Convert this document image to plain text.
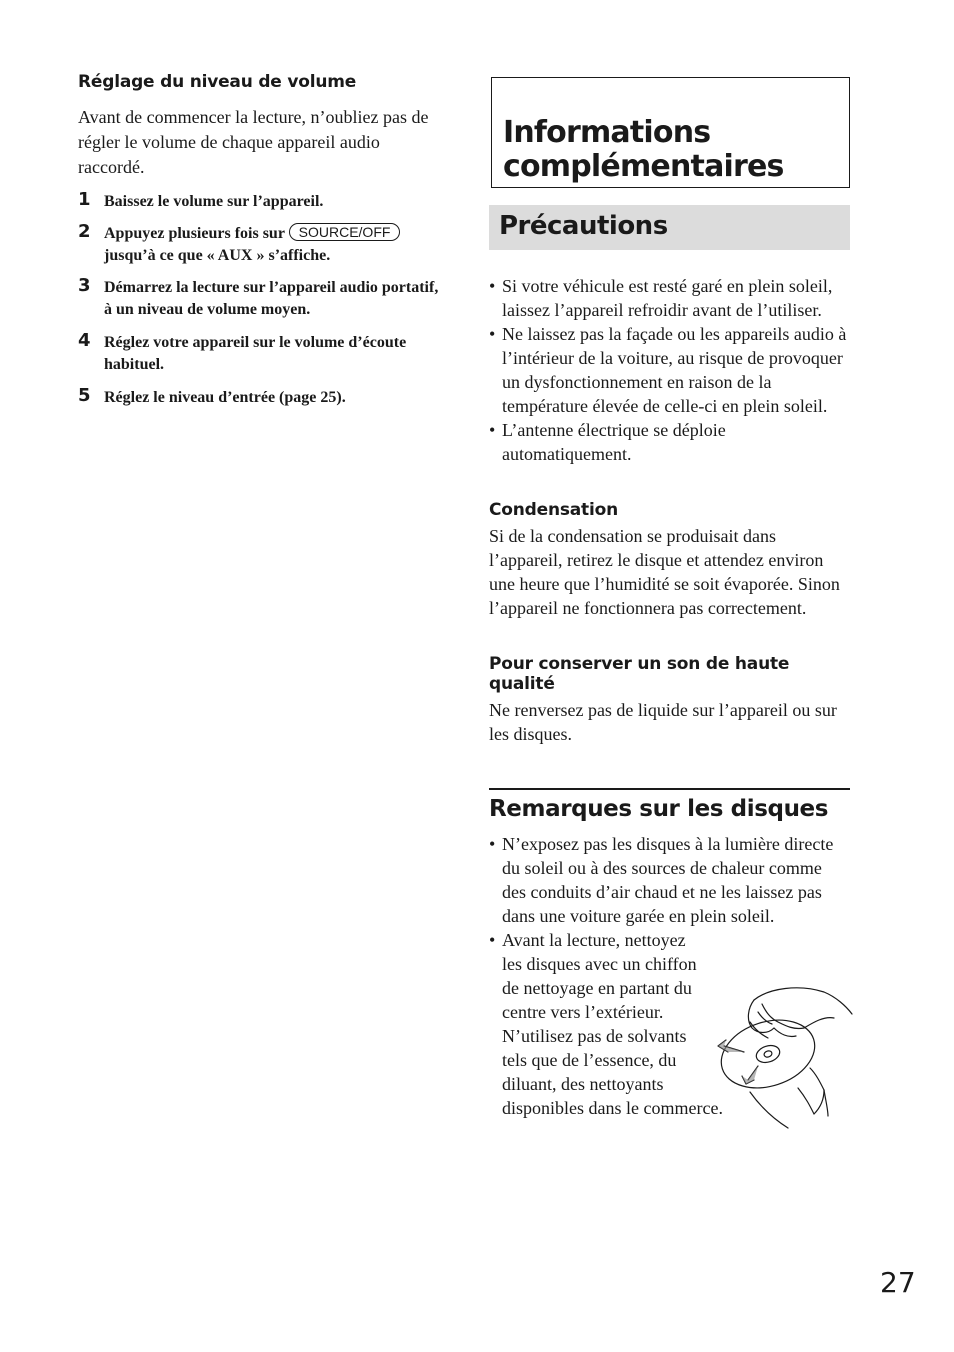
Réglage du niveau de volume

Avant de commencer la lecture, n’oubliez pas de régler le volume de chaque appareil audio raccordé.

1 Baissez le volume sur l’appareil.
2 Appuyez plusieurs fois sur SOURCE/OFF jusqu’à ce que « AUX » s’affiche.
3 Démarrez la lecture sur l’appareil audio portatif, à un niveau de volume moyen.
4 Réglez votre appareil sur le volume d’écoute habituel.
5 Réglez le niveau d’entrée (page 25).
Informations complémentaires
Précautions
• Si votre véhicule est resté garé en plein soleil, laissez l’appareil refroidir avant de l’utiliser.
• Ne laissez pas la façade ou les appareils audio à l’intérieur de la voiture, au risque de provoquer un dysfonctionnement en raison de la température élevée de celle-ci en plein soleil.
• L’antenne électrique se déploie automatiquement.
Condensation

Si de la condensation se produisait dans l’appareil, retirez le disque et attendez environ une heure que l’humidité se soit évaporée. Sinon l’appareil ne fonctionnera pas correctement.

Pour conserver un son de haute qualité

Ne renversez pas de liquide sur l’appareil ou sur les disques.

Remarques sur les disques
• N’exposez pas les disques à la lumière directe du soleil ou à des sources de chaleur comme des conduits d’air chaud et ne les laissez pas dans une voiture garée en plein soleil.
• Avant la lecture, nettoyez
les disques avec un chiffon
de nettoyage en partant du
centre vers l’extérieur.
N’utilisez pas de solvants
tels que de l’essence, du
diluant, des nettoyants
disponibles dans le commerce.
27
